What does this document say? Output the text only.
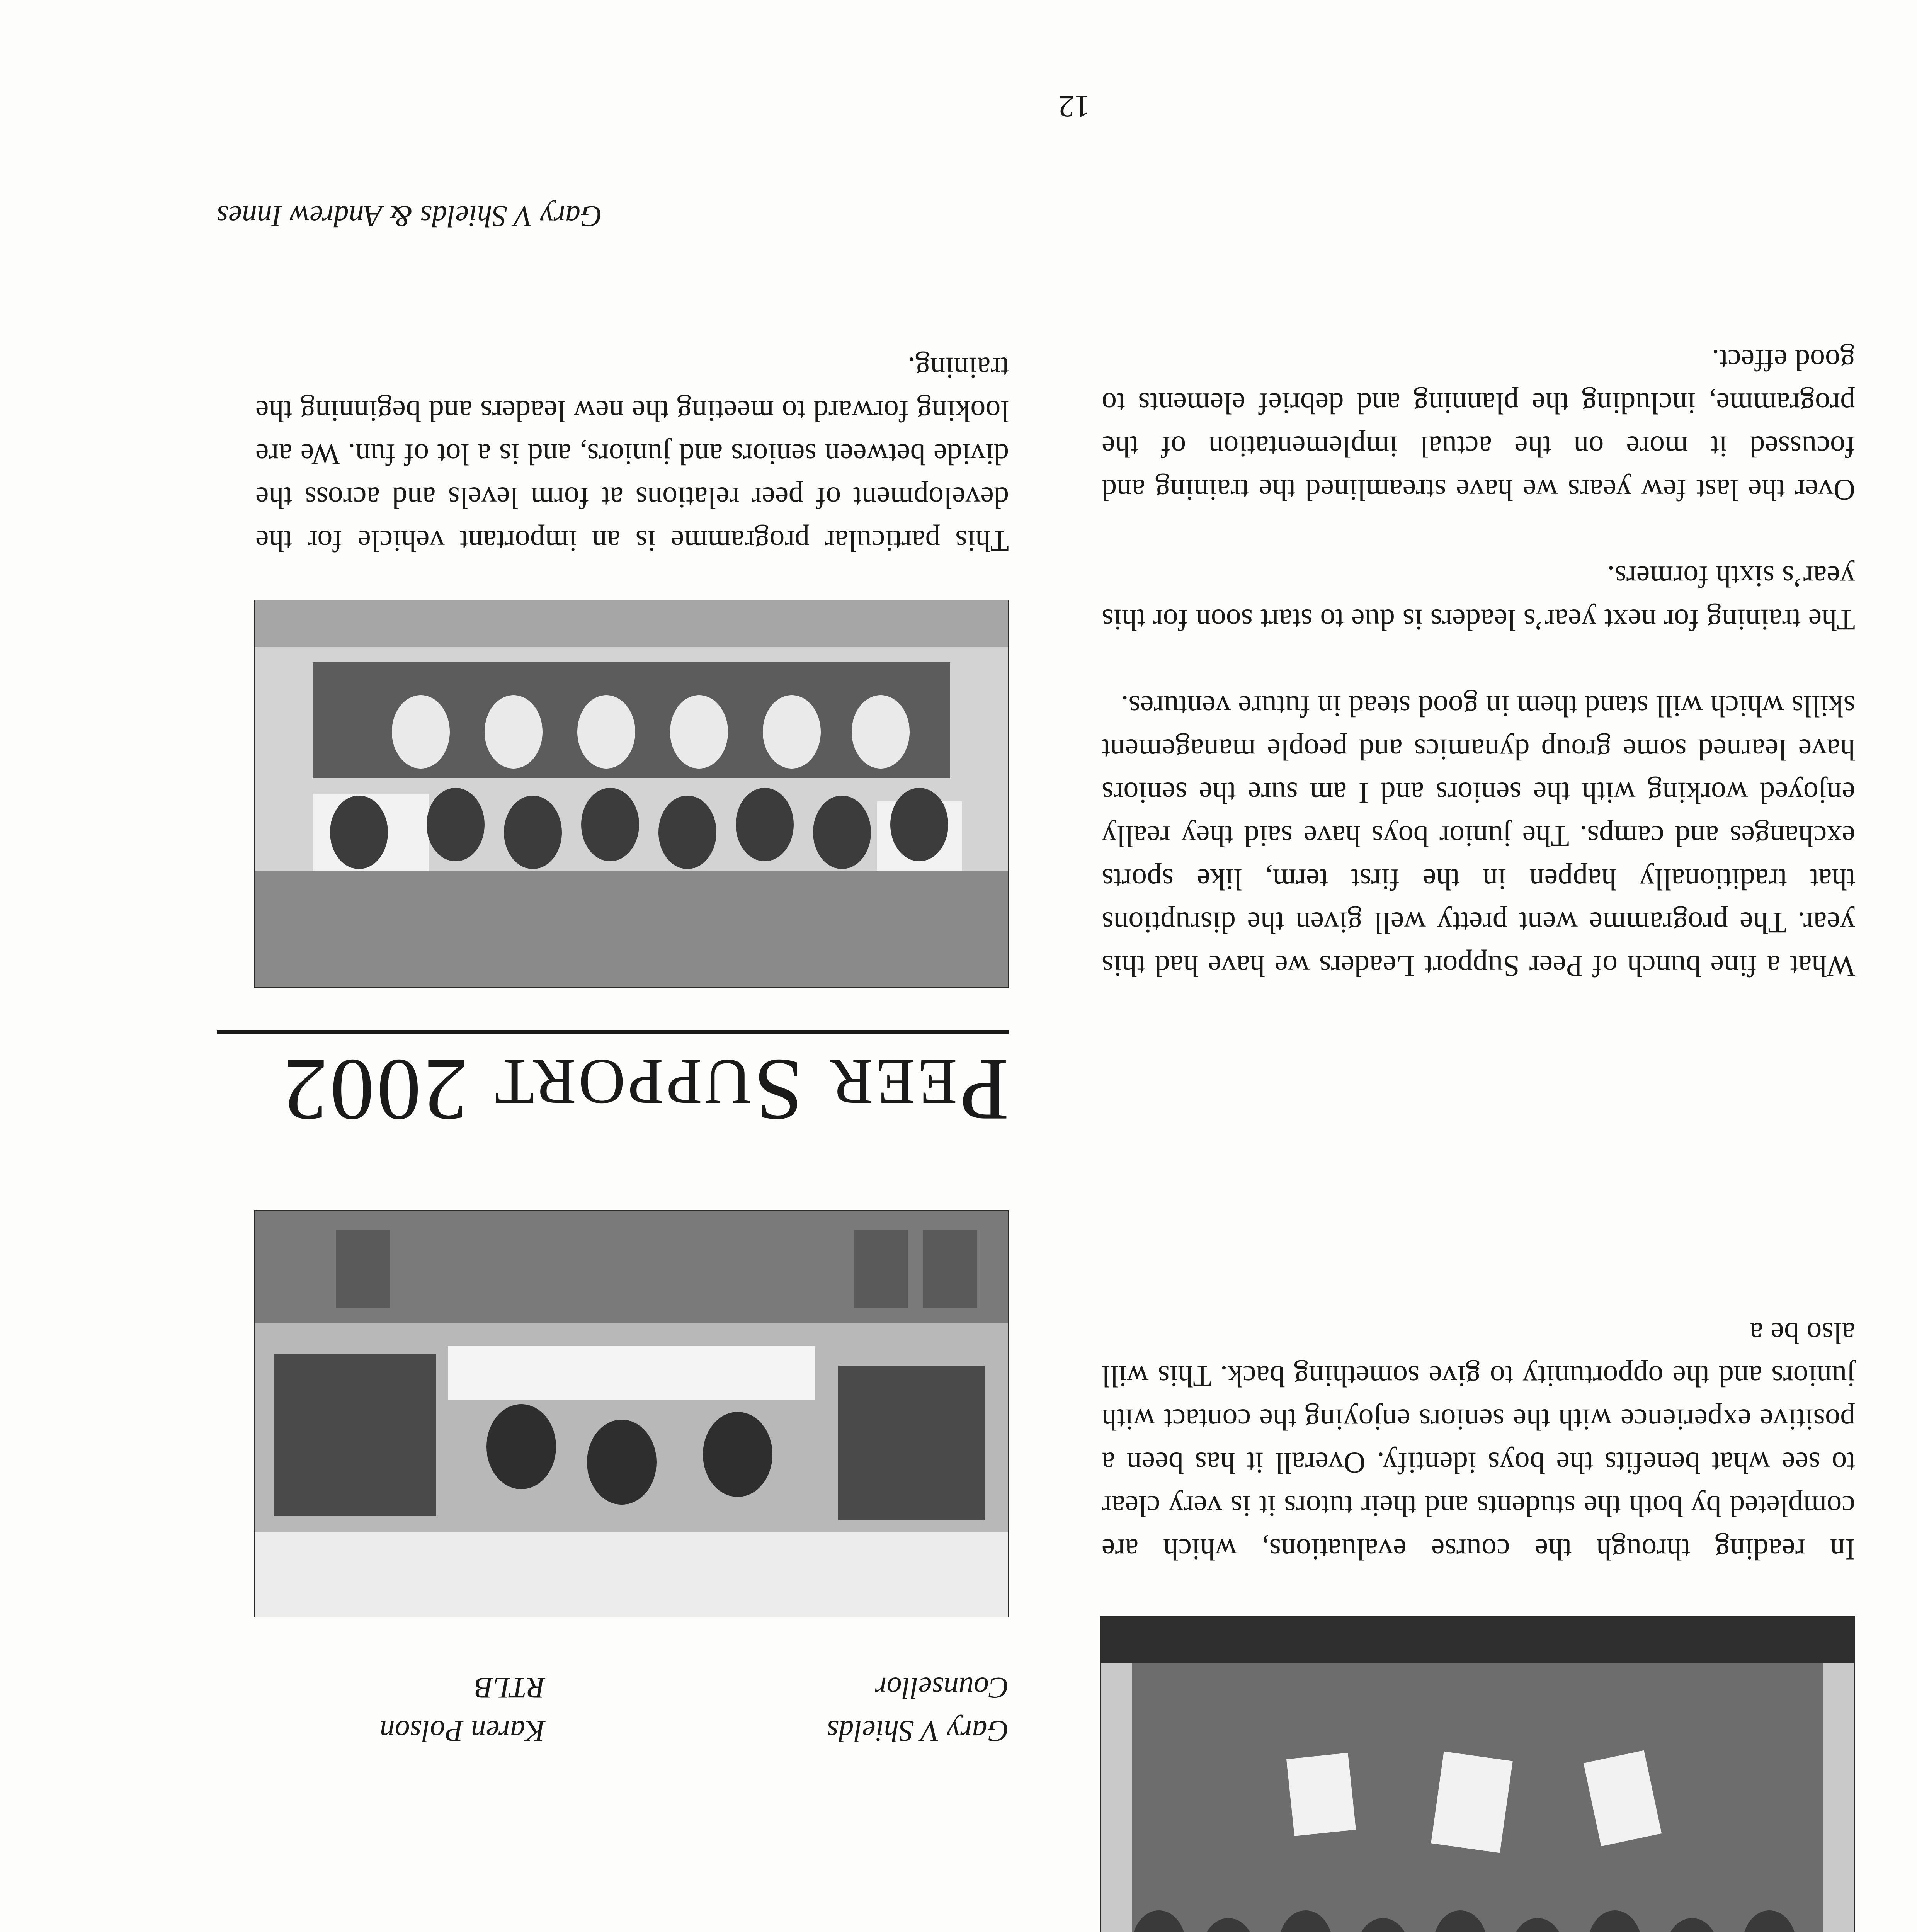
In reading through the course evaluations, which are completed by both the students and their tutors it is very clear to see what benefits the boys identify. Overall it has been a positive experience with the seniors enjoying the contact with juniors and the opportunity to give something back. This will also be a

Gary V Shields
Counsellor
Karen Polson
RTLB
PEER SUPPORT 2002

What a fine bunch of Peer Support Leaders we have had this year. The programme went pretty well given the disruptions that traditionally happen in the first term, like sports exchanges and camps. The junior boys have said they really enjoyed working with the seniors and I am sure the seniors have learned some group dynamics and people management skills which will stand them in good stead in future ventures.

The training for next year’s leaders is due to start soon for this year’s sixth formers.

Over the last few years we have streamlined the training and focussed it more on the actual implementation of the programme, including the planning and debrief elements to good effect.

This particular programme is an important vehicle for the development of peer relations at form levels and across the divide between seniors and juniors, and is a lot of fun. We are looking forward to meeting the new leaders and beginning the training.

Gary V Shields & Andrew Innes
12
